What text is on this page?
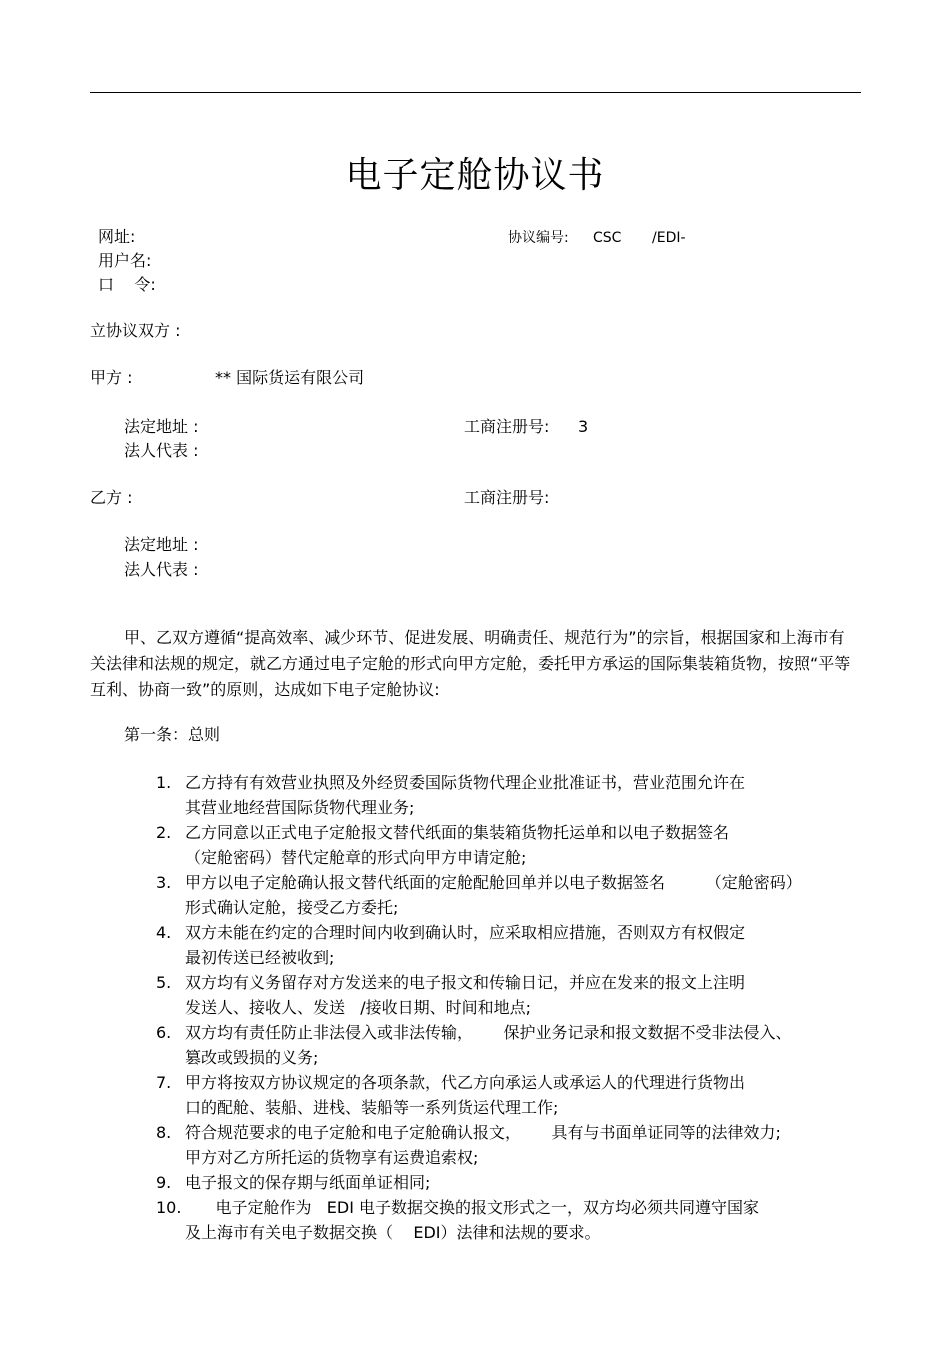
电子定舱协议书
网址:
用户名:
口    令:
协议编号: CSC /EDI-
立协议双方 :
甲方 :	** 国际货运有限公司
法定地址 :	工商注册号: 3
法人代表 :
乙方 :	工商注册号:
法定地址 :
法人代表 :
甲、乙双方遵循“提高效率、减少环节、促进发展、明确责任、规范行为”的宗旨，根据国家和上海市有关法律和法规的规定，就乙方通过电子定舱的形式向甲方定舱，委托甲方承运的国际集装箱货物，按照“平等互利、协商一致”的原则，达成如下电子定舱协议:
第一条：总则
1. 乙方持有有效营业执照及外经贸委国际货物代理企业批准证书，营业范围允许在
其营业地经营国际货物代理业务;
2. 乙方同意以正式电子定舱报文替代纸面的集装箱货物托运单和以电子数据签名
（定舱密码）替代定舱章的形式向甲方申请定舱;
3. 甲方以电子定舱确认报文替代纸面的定舱配舱回单并以电子数据签名        （定舱密码）
形式确认定舱，接受乙方委托;
4. 双方未能在约定的合理时间内收到确认时，应采取相应措施，否则双方有权假定
最初传送已经被收到;
5. 双方均有义务留存对方发送来的电子报文和传输日记，并应在发来的报文上注明
发送人、接收人、发送   /接收日期、时间和地点;
6. 双方均有责任防止非法侵入或非法传输，      保护业务记录和报文数据不受非法侵入、
篡改或毁损的义务;
7. 甲方将按双方协议规定的各项条款，代乙方向承运人或承运人的代理进行货物出
口的配舱、装船、进栈、装船等一系列货运代理工作;
8. 符合规范要求的电子定舱和电子定舱确认报文，      具有与书面单证同等的法律效力;
甲方对乙方所托运的货物享有运费追索权;
9. 电子报文的保存期与纸面单证相同;
10. 电子定舱作为   EDI 电子数据交换的报文形式之一，双方均必须共同遵守国家
及上海市有关电子数据交换（    EDI）法律和法规的要求。
